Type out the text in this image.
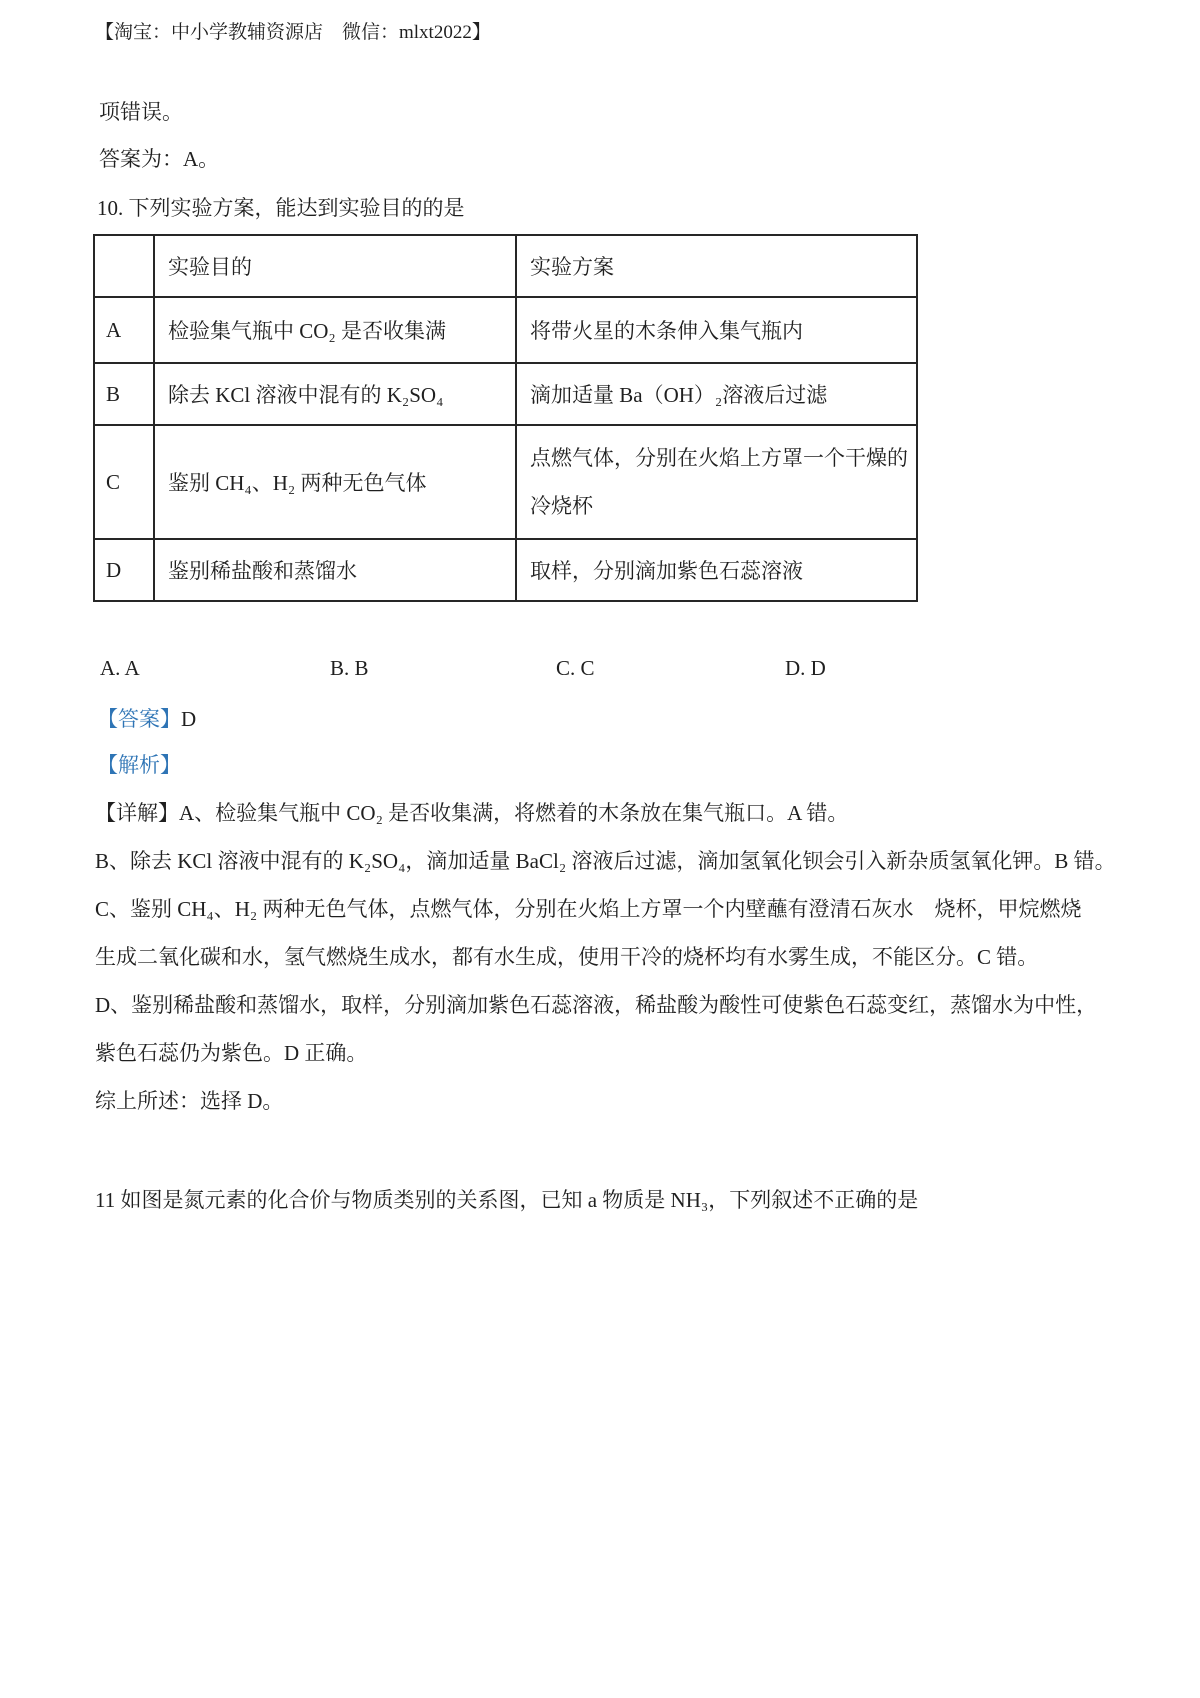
【淘宝：中小学教辅资源店　微信：mlxt2022】
项错误。
答案为：A。
10. 下列实验方案，能达到实验目的的是
	实验目的	实验方案
A	检验集气瓶中 CO₂ 是否收集满	将带火星的木条伸入集气瓶内
B	除去 KCl 溶液中混有的 K₂SO₄	滴加适量 Ba（OH）₂溶液后过滤
C	鉴别 CH₄、H₂ 两种无色气体	点燃气体，分别在火焰上方罩一个干燥的
冷烧杯

D	鉴别稀盐酸和蒸馏水	取样，分别滴加紫色石蕊溶液
A. A	B. B	C. C	D. D
【答案】D
【解析】
【详解】A、检验集气瓶中 CO₂ 是否收集满，将燃着的木条放在集气瓶口。A 错。
B、除去 KCl 溶液中混有的 K₂SO₄，滴加适量 BaCl₂ 溶液后过滤，滴加氢氧化钡会引入新杂质氢氧化钾。B 错。
C、鉴别 CH₄、H₂ 两种无色气体，点燃气体，分别在火焰上方罩一个内壁蘸有澄清石灰水　烧杯，甲烷燃烧
生成二氧化碳和水，氢气燃烧生成水，都有水生成，使用干冷的烧杯均有水雾生成，不能区分。C 错。
D、鉴别稀盐酸和蒸馏水，取样，分别滴加紫色石蕊溶液，稀盐酸为酸性可使紫色石蕊变红，蒸馏水为中性，
紫色石蕊仍为紫色。D 正确。
综上所述：选择 D。
11 如图是氮元素的化合价与物质类别的关系图，已知 a 物质是 NH₃，下列叙述不正确的是
